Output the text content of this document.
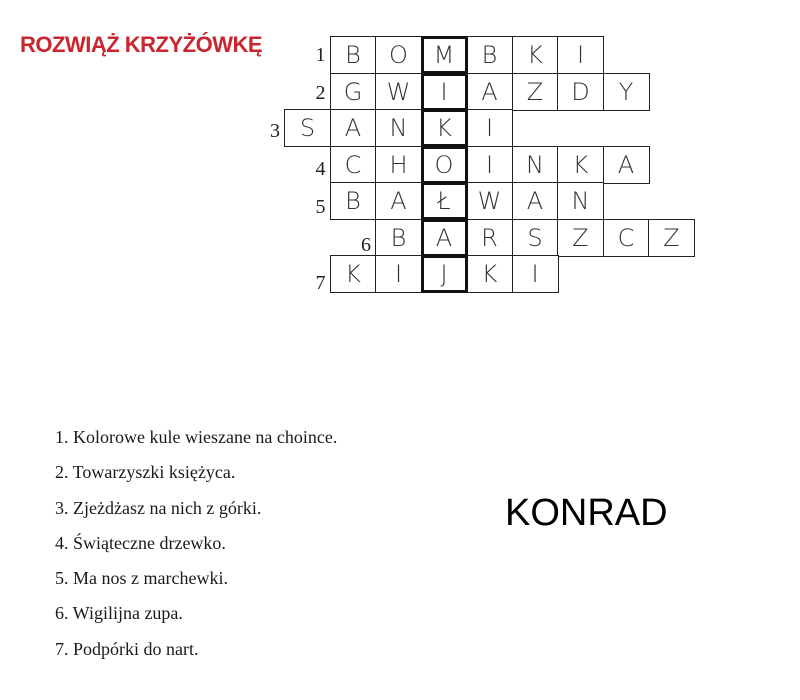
ROZWIĄŻ KRZYŻÓWKĘ	1 B	O	M	B	K	I
2 G	W	I	A	Z	D	Y
3 S	A	N	K	I
4 C	H	O	I	N	K	A
5 B	A	Ł	W	A	N
6 B	A	R	S	Z	C	Z
7 K	I	J	K	I
1. Kolorowe kule wieszane na choince.
2. Towarzyszki księżyca.
3. Zjeżdżasz na nich z górki.
4. Świąteczne drzewko.
5. Ma nos z marchewki.
6. Wigilijna zupa.
7. Podpórki do nart.
KONRAD
